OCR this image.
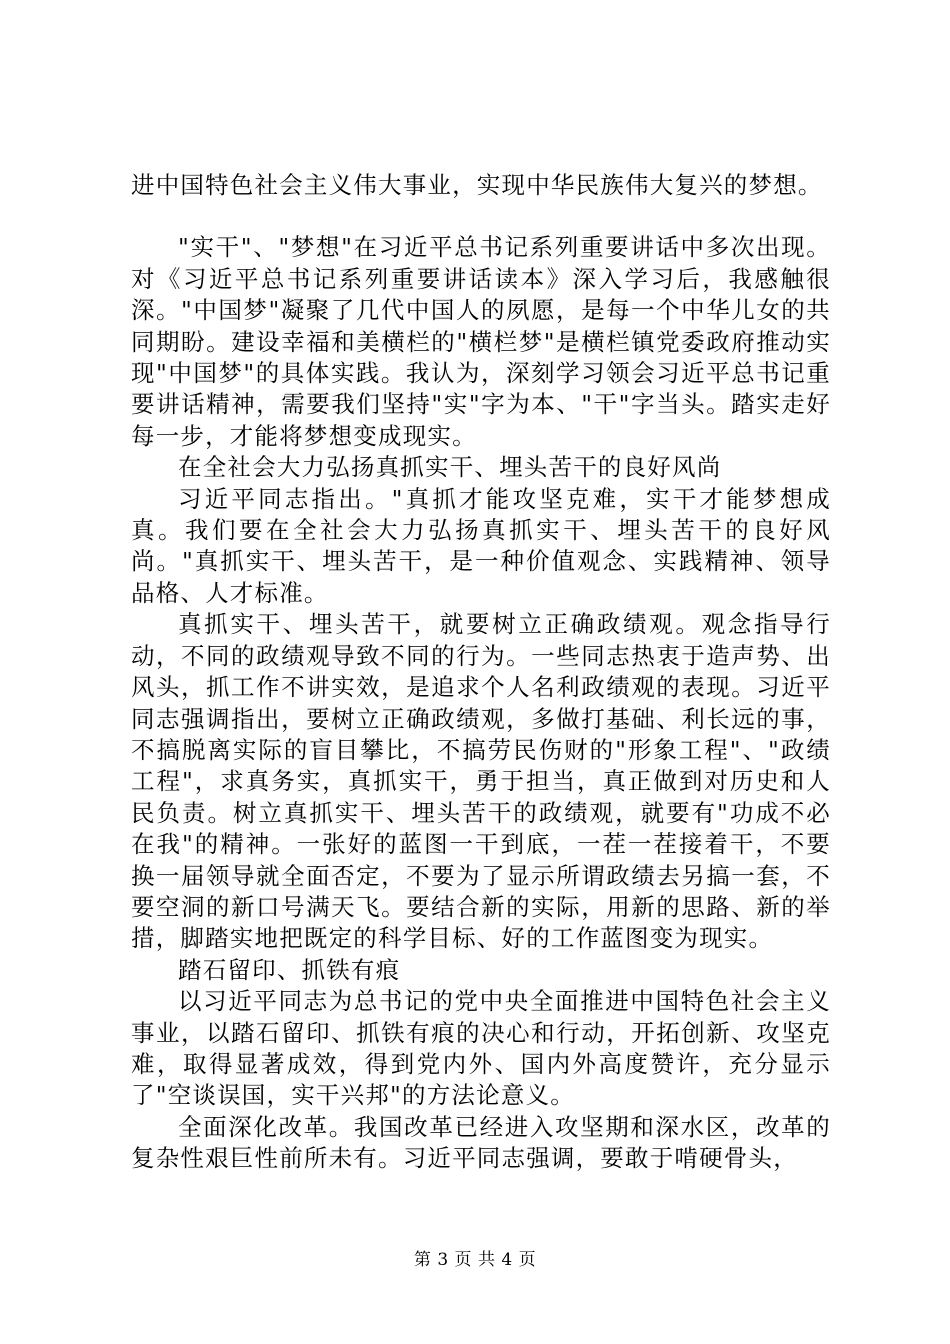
进中国特色社会主义伟大事业，实现中华民族伟大复兴的梦想。

"实干"、"梦想"在习近平总书记系列重要讲话中多次出现。对《习近平总书记系列重要讲话读本》深入学习后，我感触很深。"中国梦"凝聚了几代中国人的夙愿，是每一个中华儿女的共同期盼。建设幸福和美横栏的"横栏梦"是横栏镇党委政府推动实现"中国梦"的具体实践。我认为，深刻学习领会习近平总书记重要讲话精神，需要我们坚持"实"字为本、"干"字当头。踏实走好每一步，才能将梦想变成现实。

在全社会大力弘扬真抓实干、埋头苦干的良好风尚

习近平同志指出。"真抓才能攻坚克难，实干才能梦想成真。我们要在全社会大力弘扬真抓实干、埋头苦干的良好风尚。"真抓实干、埋头苦干，是一种价值观念、实践精神、领导品格、人才标准。

真抓实干、埋头苦干，就要树立正确政绩观。观念指导行动，不同的政绩观导致不同的行为。一些同志热衷于造声势、出风头，抓工作不讲实效，是追求个人名利政绩观的表现。习近平同志强调指出，要树立正确政绩观，多做打基础、利长远的事，不搞脱离实际的盲目攀比，不搞劳民伤财的"形象工程"、"政绩工程"，求真务实，真抓实干，勇于担当，真正做到对历史和人民负责。树立真抓实干、埋头苦干的政绩观，就要有"功成不必在我"的精神。一张好的蓝图一干到底，一茬一茬接着干，不要换一届领导就全面否定，不要为了显示所谓政绩去另搞一套，不要空洞的新口号满天飞。要结合新的实际，用新的思路、新的举措，脚踏实地把既定的科学目标、好的工作蓝图变为现实。

踏石留印、抓铁有痕

以习近平同志为总书记的党中央全面推进中国特色社会主义事业，以踏石留印、抓铁有痕的决心和行动，开拓创新、攻坚克难，取得显著成效，得到党内外、国内外高度赞许，充分显示了"空谈误国，实干兴邦"的方法论意义。

全面深化改革。我国改革已经进入攻坚期和深水区，改革的复杂性艰巨性前所未有。习近平同志强调，要敢于啃硬骨头，

第 3 页 共 4 页
